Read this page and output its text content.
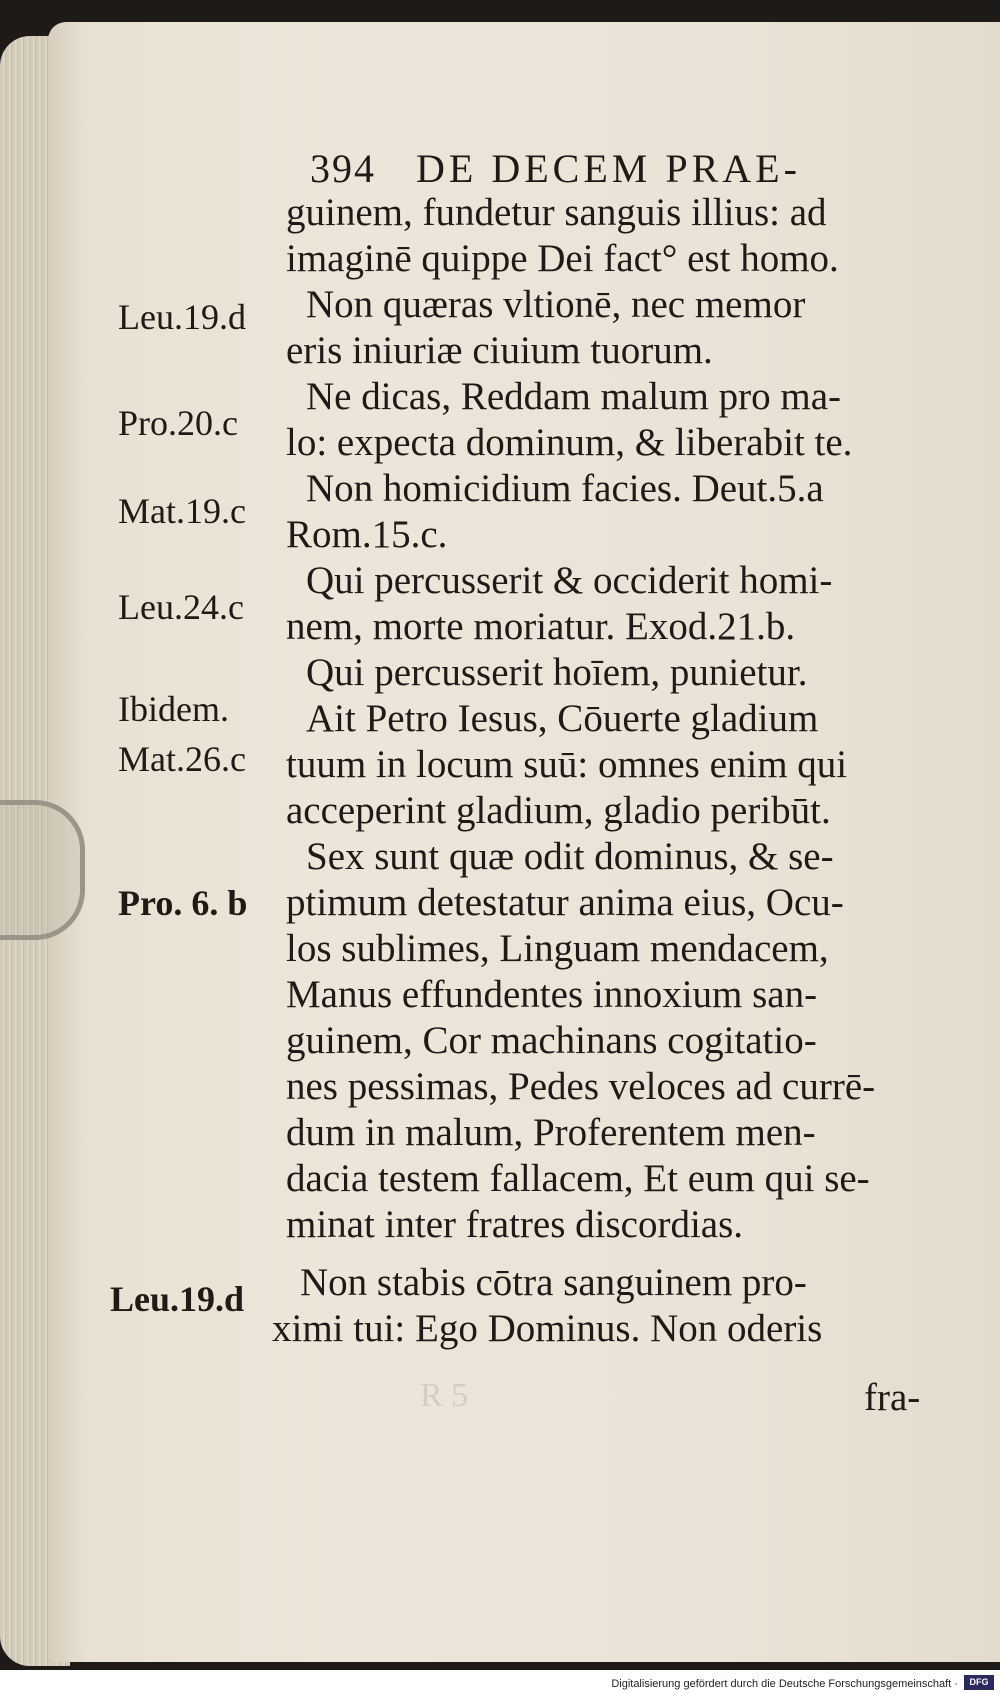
394 DE DECEM PRAE-
guinem, fundetur sanguis illius: ad
imaginē quippe Dei fact° est homo.
Non quæras vltionē, nec memor
eris iniuriæ ciuium tuorum.
Ne dicas, Reddam malum pro ma-
lo: expecta dominum, & liberabit te.
Non homicidium facies. Deut.5.a
Rom.15.c.
Qui percusserit & occiderit homi-
nem, morte moriatur. Exod.21.b.
Qui percusserit hoīem, punietur.
Ait Petro Iesus, Cōuerte gladium
tuum in locum suū: omnes enim qui
acceperint gladium, gladio peribūt.
Sex sunt quæ odit dominus, & se-
ptimum detestatur anima eius, Ocu-
los sublimes, Linguam mendacem,
Manus effundentes innoxium san-
guinem, Cor machinans cogitatio-
nes pessimas, Pedes veloces ad currē-
dum in malum, Proferentem men-
dacia testem fallacem, Et eum qui se-
minat inter fratres discordias.
Non stabis cōtra sanguinem pro-
ximi tui: Ego Dominus. Non oderis
Leu.19.d
Pro.20.c
Mat.19.c
Leu.24.c
Ibidem.
Mat.26.c
Pro. 6. b
Leu.19.d
R 5	fra-
Digitalisierung gefördert durch die Deutsche Forschungsgemeinschaft ·	DFG
